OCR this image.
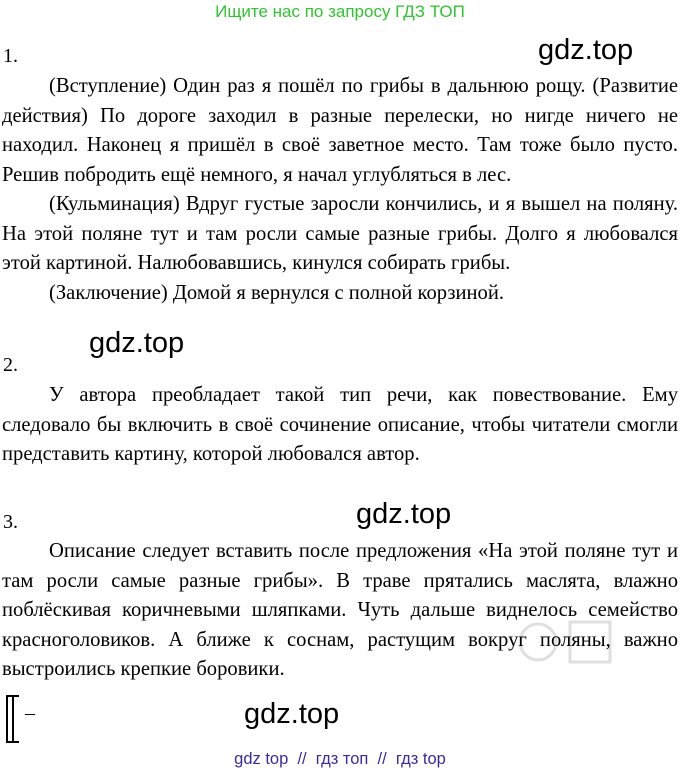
Ищите нас по запросу ГДЗ ТОП
1.	gdz.top
(Вступление) Один раз я пошёл по грибы в дальнюю рощу. (Развитие действия) По дороге заходил в разные перелески, но нигде ничего не находил. Наконец я пришёл в своё заветное место. Там тоже было пусто. Решив побродить ещё немного, я начал углубляться в лес.
(Кульминация) Вдруг густые заросли кончились, и я вышел на поляну. На этой поляне тут и там росли самые разные грибы. Долго я любовался этой картиной. Налюбовавшись, кинулся собирать грибы.
(Заключение) Домой я вернулся с полной корзиной.
gdz.top
2.
У автора преобладает такой тип речи, как повествование. Ему следовало бы включить в своё сочинение описание, чтобы читатели смогли представить картину, которой любовался автор.
gdz.top
3.
Описание следует вставить после предложения «На этой поляне тут и там росли самые разные грибы». В траве прятались маслята, влажно поблёскивая коричневыми шляпками. Чуть дальше виднелось семейство красноголовиков. А ближе к соснам, растущим вокруг поляны, важно выстроились крепкие боровики.
–	gdz.top
gdz top  //  гдз топ  //  гдз top
